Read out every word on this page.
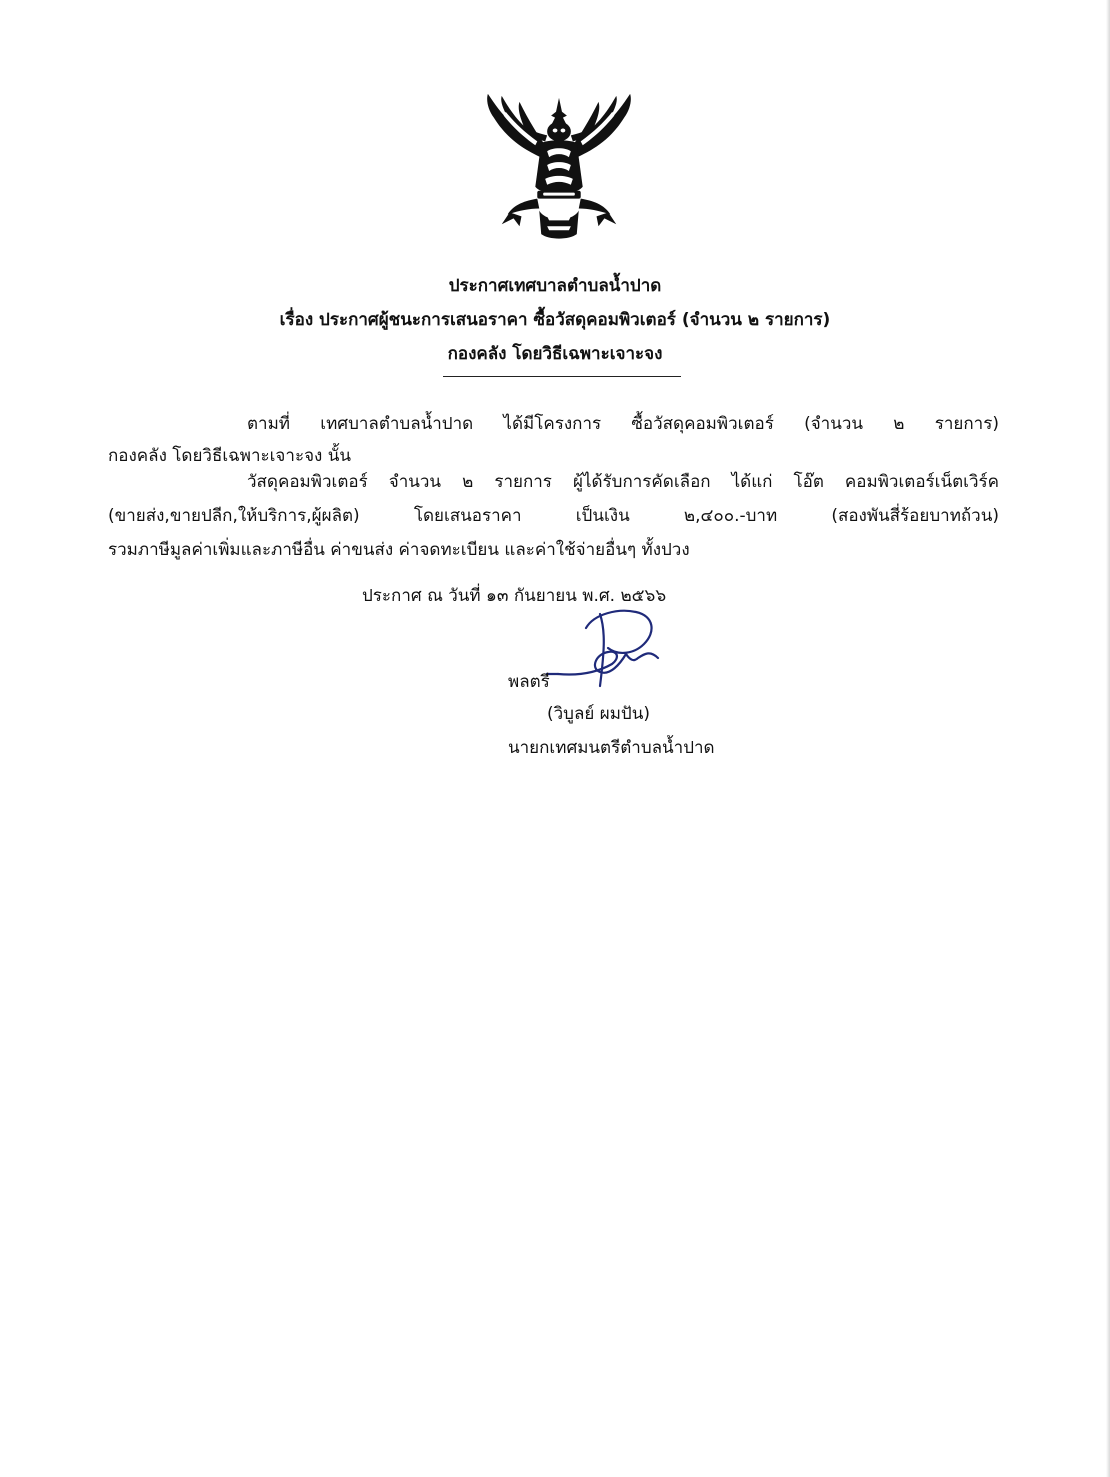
ประกาศเทศบาลตำบลน้ำปาด
เรื่อง ประกาศผู้ชนะการเสนอราคา ซื้อวัสดุคอมพิวเตอร์ (จำนวน ๒ รายการ)
กองคลัง โดยวิธีเฉพาะเจาะจง
ตามที่ เทศบาลตำบลน้ำปาด ได้มีโครงการ ซื้อวัสดุคอมพิวเตอร์ (จำนวน ๒ รายการ)
กองคลัง โดยวิธีเฉพาะเจาะจง นั้น
วัสดุคอมพิวเตอร์ จำนวน ๒ รายการ ผู้ได้รับการคัดเลือก ได้แก่ โอ๊ต คอมพิวเตอร์เน็ตเวิร์ค
(ขายส่ง,ขายปลีก,ให้บริการ,ผู้ผลิต) โดยเสนอราคา เป็นเงิน ๒,๔๐๐.-บาท (สองพันสี่ร้อยบาทถ้วน)
รวมภาษีมูลค่าเพิ่มและภาษีอื่น ค่าขนส่ง ค่าจดทะเบียน และค่าใช้จ่ายอื่นๆ ทั้งปวง
ประกาศ ณ วันที่ ๑๓ กันยายน พ.ศ. ๒๕๖๖
พลตรี
(วิบูลย์ ผมปัน)
นายกเทศมนตรีตำบลน้ำปาด
